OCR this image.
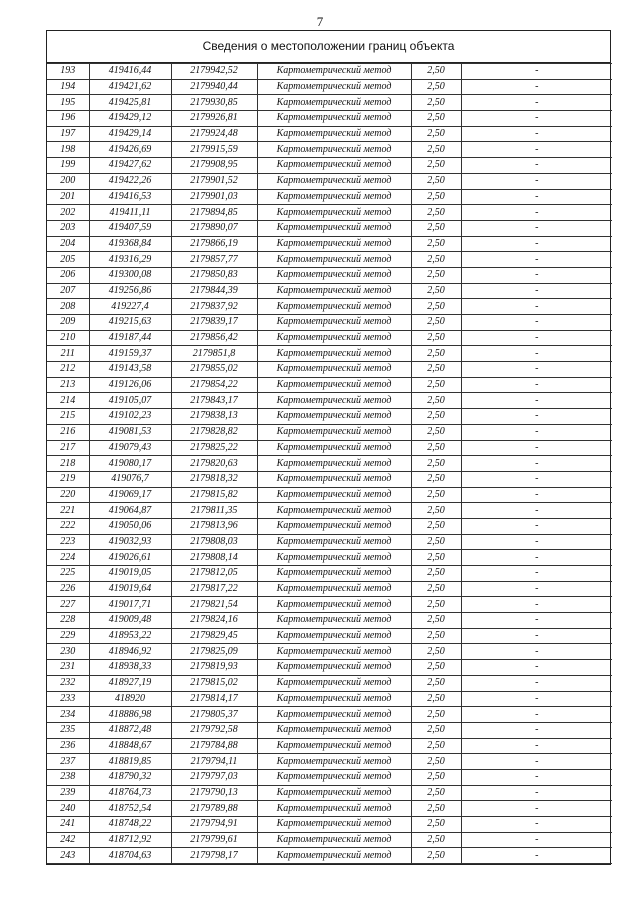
7
Сведения о местоположении границ объекта
193	419416,44	2179942,52	Картометрический метод	2,50	-
194	419421,62	2179940,44	Картометрический метод	2,50	-
195	419425,81	2179930,85	Картометрический метод	2,50	-
196	419429,12	2179926,81	Картометрический метод	2,50	-
197	419429,14	2179924,48	Картометрический метод	2,50	-
198	419426,69	2179915,59	Картометрический метод	2,50	-
199	419427,62	2179908,95	Картометрический метод	2,50	-
200	419422,26	2179901,52	Картометрический метод	2,50	-
201	419416,53	2179901,03	Картометрический метод	2,50	-
202	419411,11	2179894,85	Картометрический метод	2,50	-
203	419407,59	2179890,07	Картометрический метод	2,50	-
204	419368,84	2179866,19	Картометрический метод	2,50	-
205	419316,29	2179857,77	Картометрический метод	2,50	-
206	419300,08	2179850,83	Картометрический метод	2,50	-
207	419256,86	2179844,39	Картометрический метод	2,50	-
208	419227,4	2179837,92	Картометрический метод	2,50	-
209	419215,63	2179839,17	Картометрический метод	2,50	-
210	419187,44	2179856,42	Картометрический метод	2,50	-
211	419159,37	2179851,8	Картометрический метод	2,50	-
212	419143,58	2179855,02	Картометрический метод	2,50	-
213	419126,06	2179854,22	Картометрический метод	2,50	-
214	419105,07	2179843,17	Картометрический метод	2,50	-
215	419102,23	2179838,13	Картометрический метод	2,50	-
216	419081,53	2179828,82	Картометрический метод	2,50	-
217	419079,43	2179825,22	Картометрический метод	2,50	-
218	419080,17	2179820,63	Картометрический метод	2,50	-
219	419076,7	2179818,32	Картометрический метод	2,50	-
220	419069,17	2179815,82	Картометрический метод	2,50	-
221	419064,87	2179811,35	Картометрический метод	2,50	-
222	419050,06	2179813,96	Картометрический метод	2,50	-
223	419032,93	2179808,03	Картометрический метод	2,50	-
224	419026,61	2179808,14	Картометрический метод	2,50	-
225	419019,05	2179812,05	Картометрический метод	2,50	-
226	419019,64	2179817,22	Картометрический метод	2,50	-
227	419017,71	2179821,54	Картометрический метод	2,50	-
228	419009,48	2179824,16	Картометрический метод	2,50	-
229	418953,22	2179829,45	Картометрический метод	2,50	-
230	418946,92	2179825,09	Картометрический метод	2,50	-
231	418938,33	2179819,93	Картометрический метод	2,50	-
232	418927,19	2179815,02	Картометрический метод	2,50	-
233	418920	2179814,17	Картометрический метод	2,50	-
234	418886,98	2179805,37	Картометрический метод	2,50	-
235	418872,48	2179792,58	Картометрический метод	2,50	-
236	418848,67	2179784,88	Картометрический метод	2,50	-
237	418819,85	2179794,11	Картометрический метод	2,50	-
238	418790,32	2179797,03	Картометрический метод	2,50	-
239	418764,73	2179790,13	Картометрический метод	2,50	-
240	418752,54	2179789,88	Картометрический метод	2,50	-
241	418748,22	2179794,91	Картометрический метод	2,50	-
242	418712,92	2179799,61	Картометрический метод	2,50	-
243	418704,63	2179798,17	Картометрический метод	2,50	-
